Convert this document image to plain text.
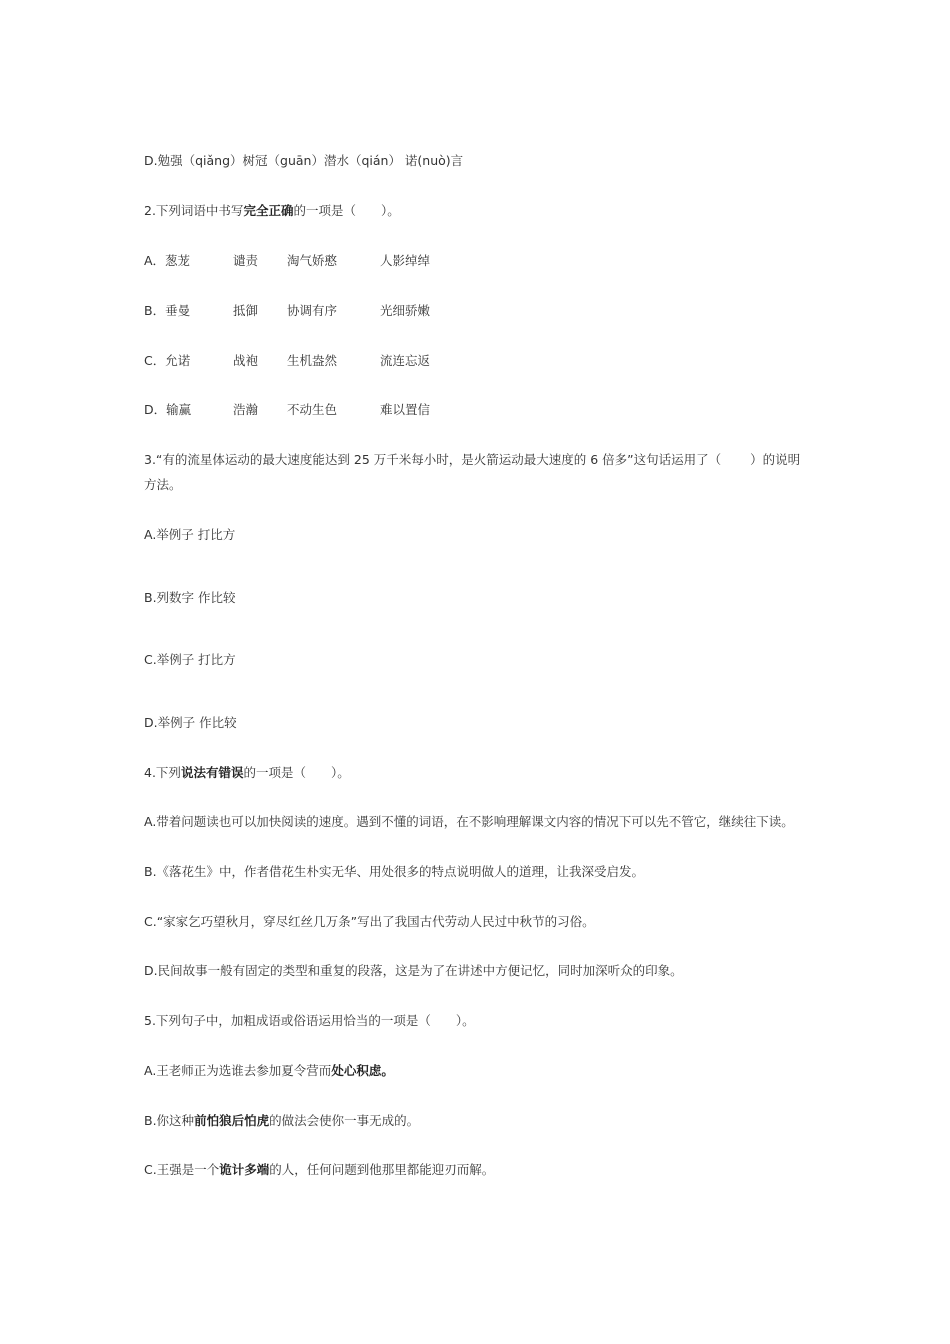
D.勉强（qiǎng）树冠（guān）潜水（qián） 诺(nuò)言

2.下列词语中书写完全正确的一项是（　　）。

A．葱茏	谴责 淘气娇憨	人影绰绰
B．垂曼	抵御 协调有序	光细骄嫩
C．允诺	战袍 生机盎然	流连忘返
D．输赢	浩瀚 不动生色	难以置信

3.“有的流星体运动的最大速度能达到 25 万千米每小时，是火箭运动最大速度的 6 倍多”这句话运用了（　　 ）的说明方法。

A.举例子 打比方

B.列数字 作比较

C.举例子 打比方

D.举例子 作比较

4.下列说法有错误的一项是（　　）。

A.带着问题读也可以加快阅读的速度。遇到不懂的词语，在不影响理解课文内容的情况下可以先不管它，继续往下读。

B.《落花生》中，作者借花生朴实无华、用处很多的特点说明做人的道理，让我深受启发。

C.“家家乞巧望秋月，穿尽红丝几万条”写出了我国古代劳动人民过中秋节的习俗。

D.民间故事一般有固定的类型和重复的段落，这是为了在讲述中方便记忆，同时加深听众的印象。

5.下列句子中，加粗成语或俗语运用恰当的一项是（　　）。

A.王老师正为选谁去参加夏令营而处心积虑。

B.你这种前怕狼后怕虎的做法会使你一事无成的。

C.王强是一个诡计多端的人，任何问题到他那里都能迎刃而解。
